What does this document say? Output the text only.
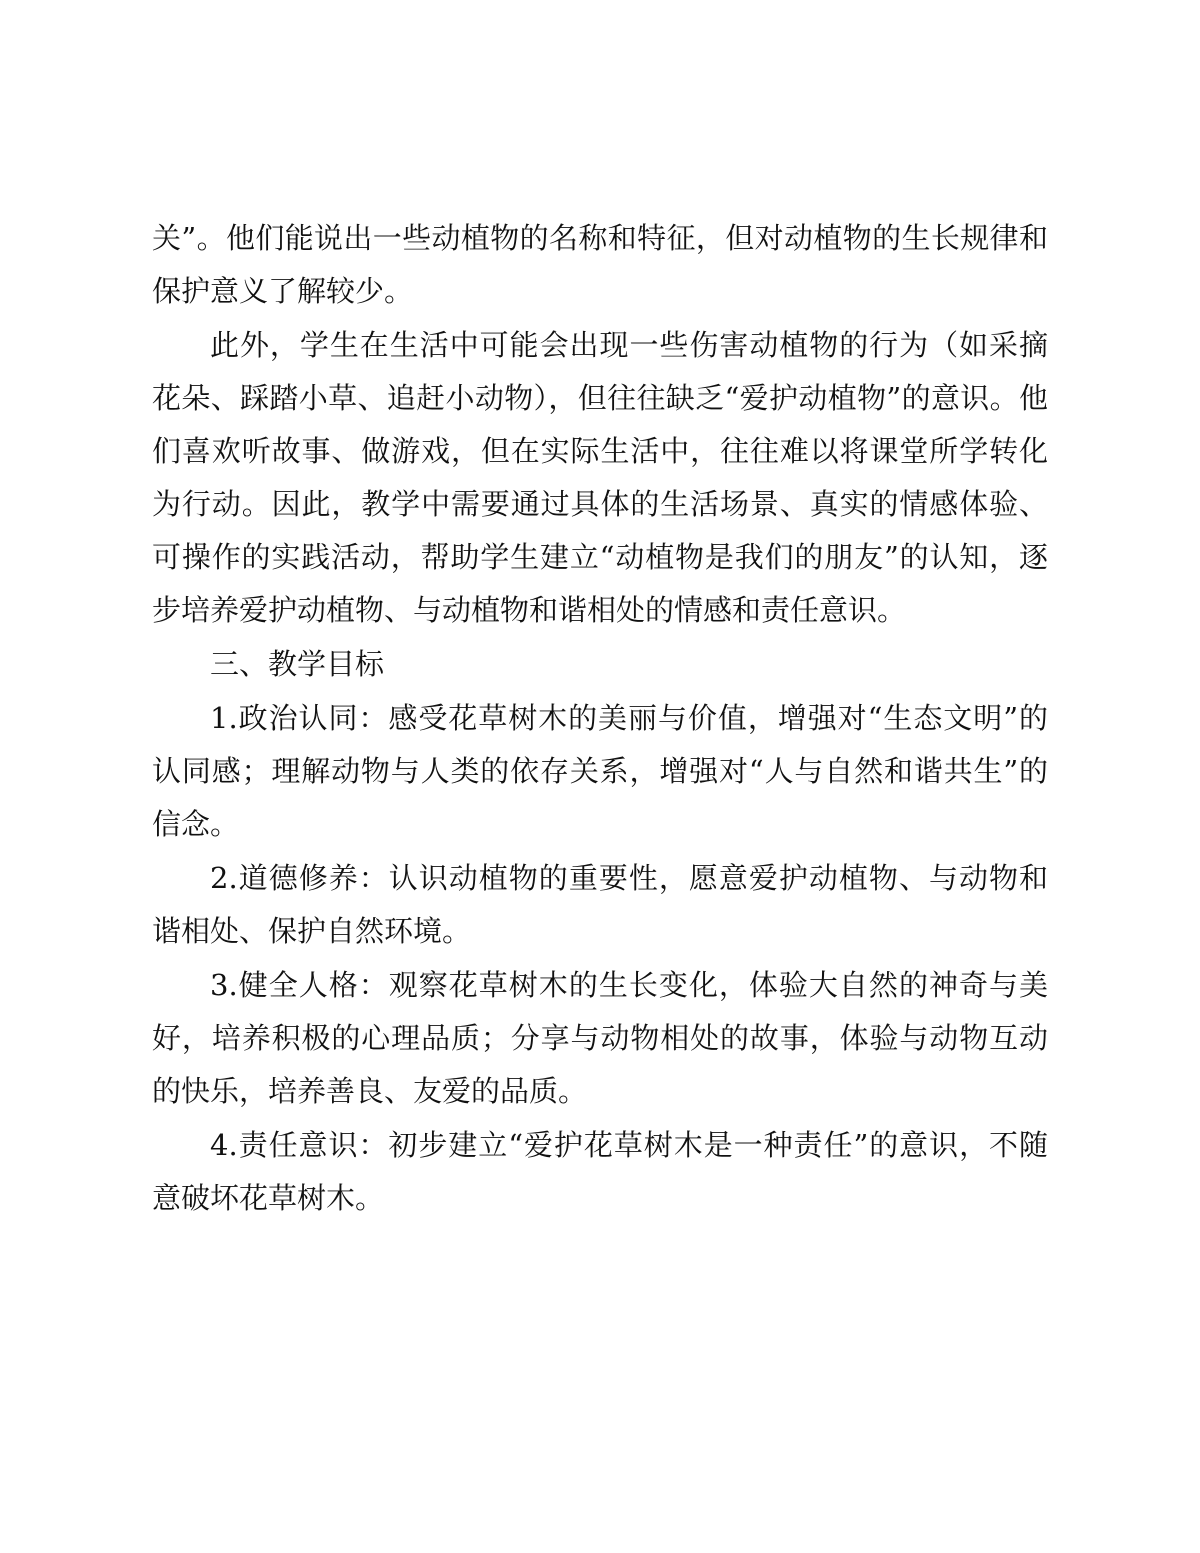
关”。他们能说出一些动植物的名称和特征，但对动植物的生长规律和保护意义了解较少。

此外，学生在生活中可能会出现一些伤害动植物的行为（如采摘花朵、踩踏小草、追赶小动物），但往往缺乏“爱护动植物”的意识。他们喜欢听故事、做游戏，但在实际生活中，往往难以将课堂所学转化为行动。因此，教学中需要通过具体的生活场景、真实的情感体验、可操作的实践活动，帮助学生建立“动植物是我们的朋友”的认知，逐步培养爱护动植物、与动植物和谐相处的情感和责任意识。

三、教学目标

1.政治认同：感受花草树木的美丽与价值，增强对“生态文明”的认同感；理解动物与人类的依存关系，增强对“人与自然和谐共生”的信念。

2.道德修养：认识动植物的重要性，愿意爱护动植物、与动物和谐相处、保护自然环境。

3.健全人格：观察花草树木的生长变化，体验大自然的神奇与美好，培养积极的心理品质；分享与动物相处的故事，体验与动物互动的快乐，培养善良、友爱的品质。

4.责任意识：初步建立“爱护花草树木是一种责任”的意识，不随意破坏花草树木。
